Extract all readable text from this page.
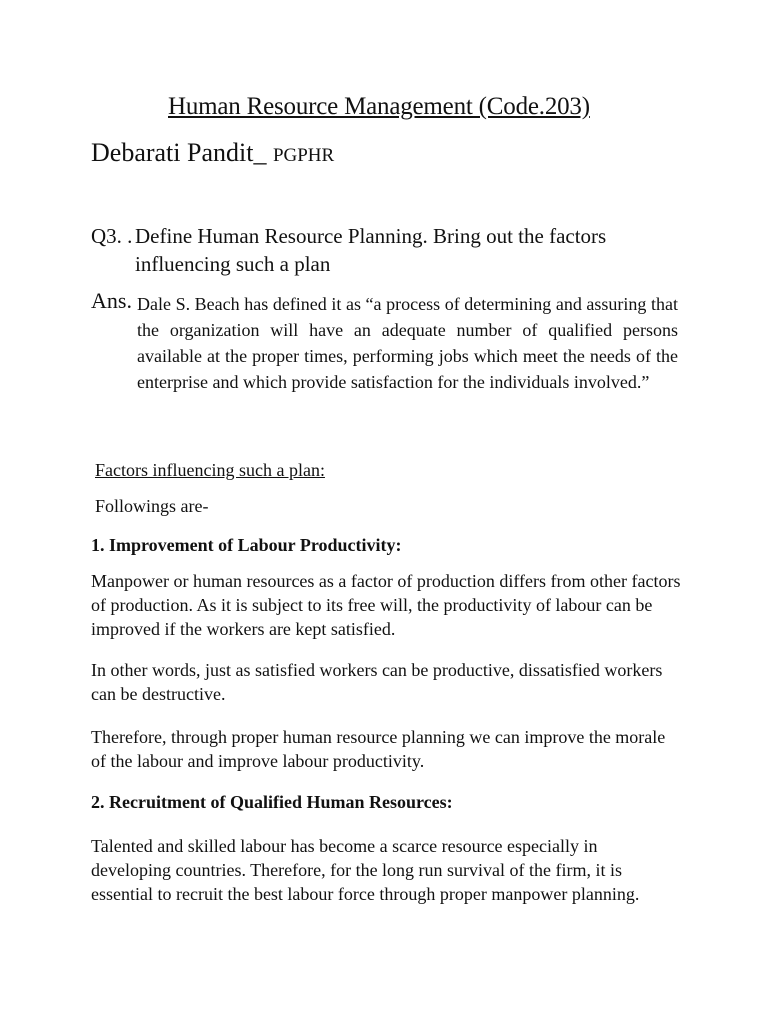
Human Resource Management (Code.203)
Debarati Pandit_ PGPHR
Q3. . Define Human Resource Planning. Bring out the factors influencing such a plan
Ans. Dale S. Beach has defined it as “a process of determining and assuring that the organization will have an adequate number of qualified persons available at the proper times, performing jobs which meet the needs of the enterprise and which provide satisfaction for the individuals involved.”
Factors influencing such a plan:
Followings are-
1. Improvement of Labour Productivity:
Manpower or human resources as a factor of production differs from other factors of production. As it is subject to its free will, the productivity of labour can be improved if the workers are kept satisfied.
In other words, just as satisfied workers can be productive, dissatisfied workers can be destructive.
Therefore, through proper human resource planning we can improve the morale of the labour and improve labour productivity.
2. Recruitment of Qualified Human Resources:
Talented and skilled labour has become a scarce resource especially in developing countries. Therefore, for the long run survival of the firm, it is essential to recruit the best labour force through proper manpower planning.
